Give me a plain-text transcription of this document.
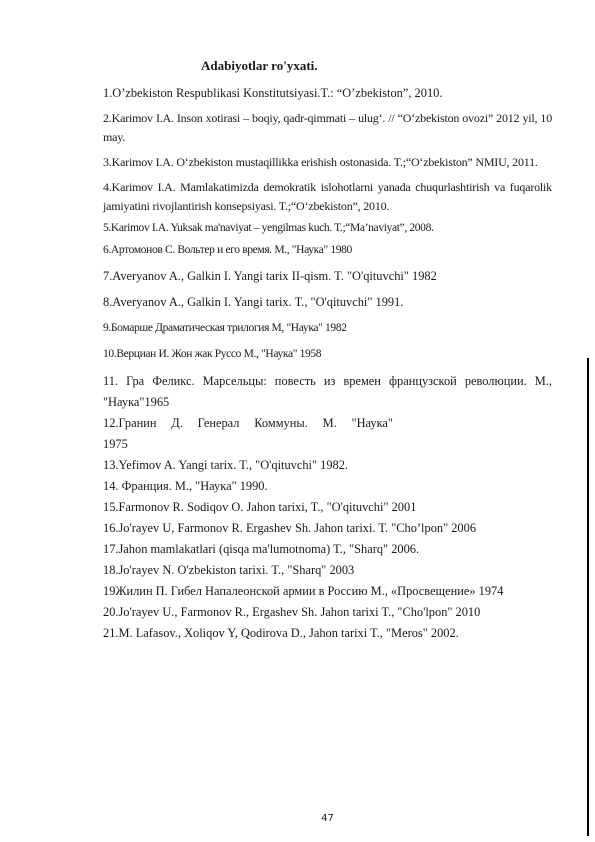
Adabiyotlar ro'yxati.

1.O’zbekiston Respublikasi Konstitutsiyasi.T.: “O’zbekiston”, 2010.

2.Karimov I.A. Inson xotirasi – boqiy, qadr-qimmati – ulug‘. // “O‘zbekiston ovozi” 2012 yil, 10 may.

3.Karimov I.A. O‘zbekiston mustaqillikka erishish ostonasida. T.;“O‘zbekiston” NMIU, 2011.

4.Karimov I.A. Mamlakatimizda demokratik islohotlarni yanada chuqurlashtirish va fuqarolik jamiyatini rivojlantirish konsepsiyasi. T.;“O‘zbekiston”, 2010.

5.Karimov I.A. Yuksak ma'naviyat – yengilmas kuch. T.;“Ma’naviyat”, 2008.

6.Артомонов С. Вольтер и его время. М., "Наука" 1980

7.Averyanov A., Galkin I. Yangi tarix II-qism. T. "O'qituvchi" 1982

8.Averyanov A., Galkin I. Yangi tarix. T., "O'qituvchi" 1991.

9.Бомарше Драматическая трилогия М, "Наука" 1982

10.Верциан И. Жон жак Руссо М., "Наука" 1958

11. Гра Феликс. Марсельцы: повесть из времен французской революции. М., "Наука"1965

12.Гранин Д. Генерал Коммуны. М. "Наука"

1975

13.Yefimov A. Yangi tarix. T., "O'qituvchi" 1982.

14. Франция. М., "Наука" 1990.

15.Farmonov R. Sodiqov O. Jahon tarixi, T., "O'qituvchi" 2001

16.Jo'rayev U, Farmonov R. Ergashev Sh. Jahon tarixi. T. "Cho’lpon" 2006

17.Jahon mamlakatlari (qisqa ma'lumotnoma) T., "Sharq" 2006.

18.Jo'rayev N. O'zbekiston tarixi. T., "Sharq" 2003

19Жилин П. Гибел Напалеонской армии в Россию М., «Просвещение» 1974

20.Jo'rayev U., Farmonov R., Ergashev Sh. Jahon tarixi T., "Cho'lpon" 2010

21.M. Lafasov., Xoliqov Y, Qodirova D., Jahon tarixi T., "Meros" 2002.

47
